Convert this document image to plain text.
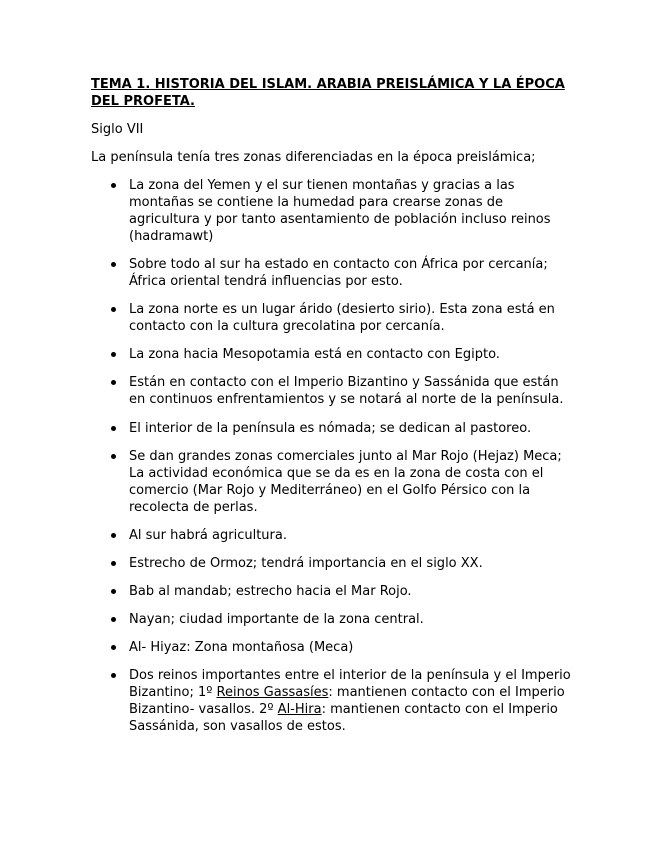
TEMA 1. HISTORIA DEL ISLAM. ARABIA PREISLÁMICA Y LA ÉPOCA DEL PROFETA.

Siglo VII

La península tenía tres zonas diferenciadas en la época preislámica;

La zona del Yemen y el sur tienen montañas y gracias a las montañas se contiene la humedad para crearse zonas de agricultura y por tanto asentamiento de población incluso reinos (hadramawt)

Sobre todo al sur ha estado en contacto con África por cercanía; África oriental tendrá influencias por esto.

La zona norte es un lugar árido (desierto sirio). Esta zona está en contacto con la cultura grecolatina por cercanía.

La zona hacia Mesopotamia está en contacto con Egipto.

Están en contacto con el Imperio Bizantino y Sassánida que están en continuos enfrentamientos y se notará al norte de la península.

El interior de la península es nómada; se dedican al pastoreo.

Se dan grandes zonas comerciales junto al Mar Rojo (Hejaz) Meca; La actividad económica que se da es en la zona de costa con el comercio (Mar Rojo y Mediterráneo) en el Golfo Pérsico con la recolecta de perlas.

Al sur habrá agricultura.

Estrecho de Ormoz; tendrá importancia en el siglo XX.

Bab al mandab; estrecho hacia el Mar Rojo.

Nayan; ciudad importante de la zona central.

Al- Hiyaz: Zona montañosa (Meca)

Dos reinos importantes entre el interior de la península y el Imperio Bizantino; 1º Reinos Gassasíes: mantienen contacto con el Imperio Bizantino- vasallos. 2º Al-Hira: mantienen contacto con el Imperio Sassánida, son vasallos de estos.
